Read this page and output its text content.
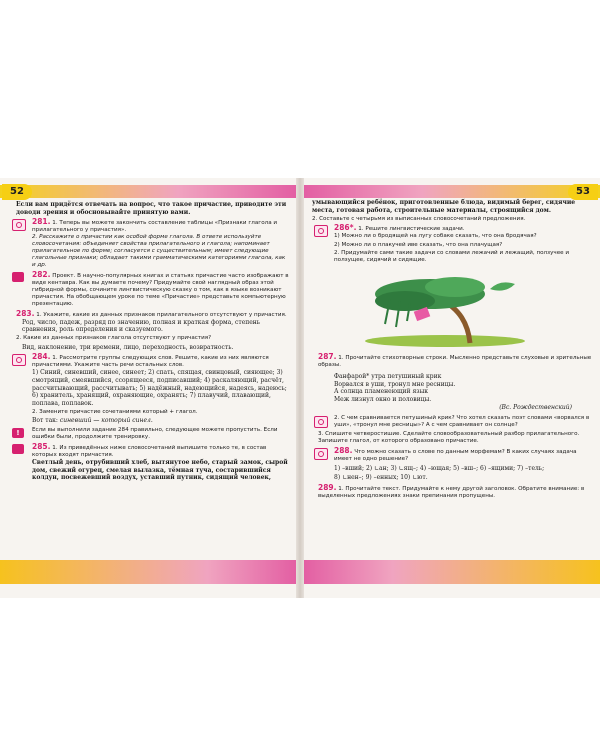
52	53

Если вам придётся отвечать на вопрос, что такое причастие, приводите эти доводи зрения и обосновывайте принятую вами.

281. 1. Теперь вы можете закончить составление таблицы «Признаки глагола и прилагательного у причастия».

2. Расскажите о причастии как особой форме глагола. В ответе используйте словосочетания: объединяет свойства прилагательного и глагола; напоминает прилагательное по форме; согласуется с существительным; имеет следующие глагольные признаки; обладает такими грамматическими категориями глагола, как и др.

282. Проект. В научно-популярных книгах и статьях причастие часто изображают в виде кентавра. Как вы думаете почему? Придумайте свой наглядный образ этой гибридной формы, сочините лингвистическую сказку о том, как в языке возникают причастия. На обобщающем уроке по теме «Причастие» представьте компьютерную презентацию.
283. 1. Укажите, какие из данных признаков прилагательного отсутствуют у причастия.

Род, число, падеж, разряд по значению, полная и краткая форма, степень сравнения, роль определения и сказуемого.

2. Какие из данных признаков глагола отсутствуют у причастия?

Вид, наклонение, три времени, лицо, переходность, возвратность.

284. 1. Рассмотрите группы следующих слов. Решите, какие из них являются причастиями. Укажите часть речи остальных слов.

1) Синий, синевший, синее, синеет; 2) спать, спящая, свинцовый, сияющее; 3) смотрящий, смеявшийся, ссорящееся, подписавший; 4) раскаляющий, расчёт, рассчитывающий, рассчитывать; 5) надёжный, надеющийся, надеясь, надеюсь; 6) хранитель, хранящий, охраняющие, охранять; 7) плавучий, плавающий, поплава, поплавок.

2. Замените причастие сочетаниями который + глагол.

Вот так: синевший — который синел.

!	Если вы выполнили задание 284 правильно, следующее можете пропустить. Если ошибки были, продолжите тренировку.
285. 1. Из приведённых ниже словосочетаний выпишите только те, в состав которых входят причастия.

Светлый день, отрубивший хлеб, вытянутое небо, старый замок, сырой дом, свежий огурец, смелая вылазка, тёмная туча, состарившийся колдун, посвежевший воздух, уставший путник, сидящий человек,

умывающийся ребёнок, приготовленные блюда, видимый берег, сидячие места, готовая работа, строительные материалы, строящийся дом.

2. Составьте с четырьмя из выписанных словосочетаний предложения.

286*. 1. Решите лингвистические задачи.

1) Можно ли о бродящей на лугу собаке сказать, что она бродячая?

2) Можно ли о плакучей иве сказать, что она плачущая?

2. Придумайте сами такие задачи со словами лежачий и лежащий, ползучее и ползущее, сидячий и сидящие.

287. 1. Прочитайте стихотворные строки. Мысленно представьте слуховые и зрительные образы.
Фанфарой* утра петушиный крик
Ворвался в уши, тронул мне ресницы.
А солнца пламенеющий язык
Меж лизнул окно и половицы.
(Вс. Рождественский)

2. С чем сравнивается петушиный крик? Что хотел сказать поэт словами «ворвался в уши», «тронул мне ресницы»? А с чем сравнивает он солнце?

3. Спишите четверостишие. Сделайте словообразовательный разбор прилагательного. Запишите глагол, от которого образовано причастие.

288. Что можно сказать о слове по данным морфемам? В каких случаях задача имеет не одно решение?
1) –вший; 2) ∟ан; 3) ∟ящ–; 4) –ющая; 5) –вш–; 6) –ящими; 7) –тель;
8) ∟нен–; 9) –енных; 10) ∟ют.
289. 1. Прочитайте текст. Придумайте к нему другой заголовок. Обратите внимание: в выделенных предложениях знаки препинания пропущены.
